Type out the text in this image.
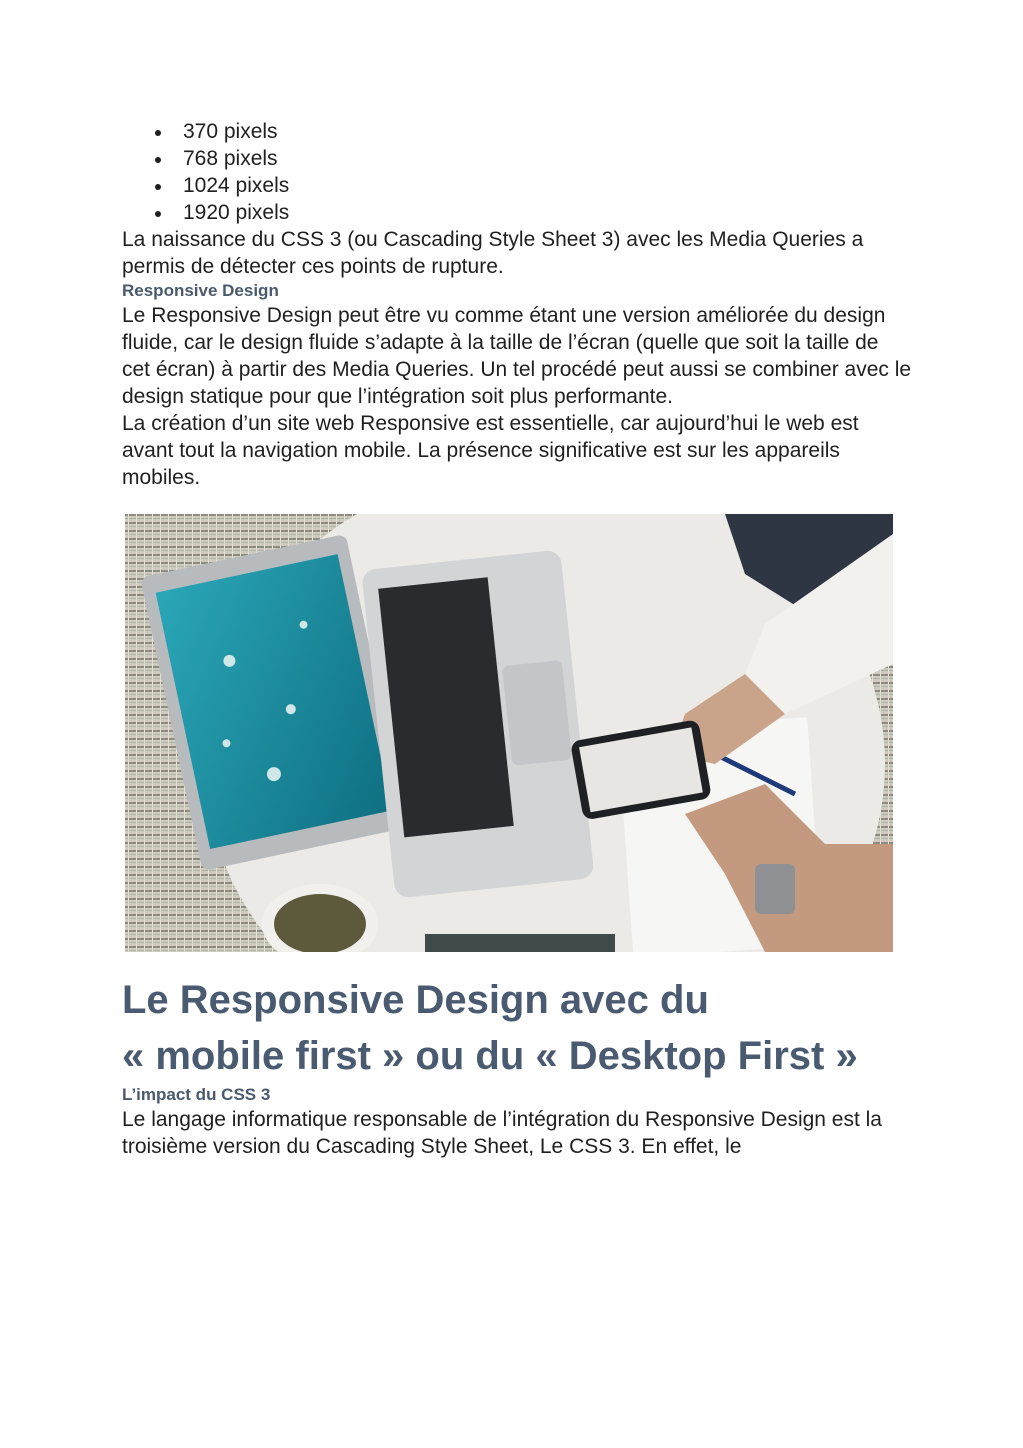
370 pixels
768 pixels
1024 pixels
1920 pixels

La naissance du CSS 3 (ou Cascading Style Sheet 3) avec les Media Queries a permis de détecter ces points de rupture.

Responsive Design

Le Responsive Design peut être vu comme étant une version améliorée du design fluide, car le design fluide s’adapte à la taille de l’écran (quelle que soit la taille de cet écran) à partir des Media Queries. Un tel procédé peut aussi se combiner avec le design statique pour que l’intégration soit plus performante.

La création d’un site web Responsive est essentielle, car aujourd’hui le web est avant tout la navigation mobile. La présence significative est sur les appareils mobiles.

Le Responsive Design avec du
« mobile first » ou du « Desktop First »
L’impact du CSS 3

Le langage informatique responsable de l’intégration du Responsive Design est la troisième version du Cascading Style Sheet, Le CSS 3. En effet, le
